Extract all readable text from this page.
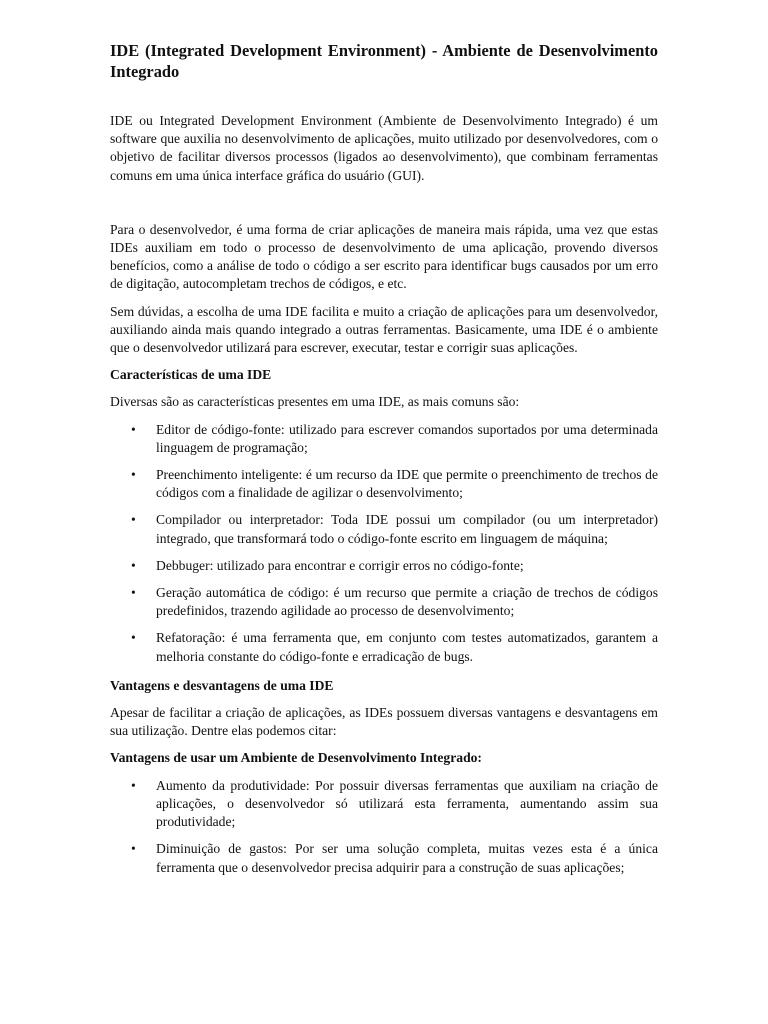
IDE (Integrated Development Environment) - Ambiente de Desenvolvimento Integrado

IDE ou Integrated Development Environment (Ambiente de Desenvolvimento Integrado) é um software que auxilia no desenvolvimento de aplicações, muito utilizado por desenvolvedores, com o objetivo de facilitar diversos processos (ligados ao desenvolvimento), que combinam ferramentas comuns em uma única interface gráfica do usuário (GUI).

Para o desenvolvedor, é uma forma de criar aplicações de maneira mais rápida, uma vez que estas IDEs auxiliam em todo o processo de desenvolvimento de uma aplicação, provendo diversos benefícios, como a análise de todo o código a ser escrito para identificar bugs causados por um erro de digitação, autocompletam trechos de códigos, e etc.

Sem dúvidas, a escolha de uma IDE facilita e muito a criação de aplicações para um desenvolvedor, auxiliando ainda mais quando integrado a outras ferramentas. Basicamente, uma IDE é o ambiente que o desenvolvedor utilizará para escrever, executar, testar e corrigir suas aplicações.

Características de uma IDE

Diversas são as características presentes em uma IDE, as mais comuns são:

• Editor de código-fonte: utilizado para escrever comandos suportados por uma determinada linguagem de programação;
• Preenchimento inteligente: é um recurso da IDE que permite o preenchimento de trechos de códigos com a finalidade de agilizar o desenvolvimento;
• Compilador ou interpretador: Toda IDE possui um compilador (ou um interpretador) integrado, que transformará todo o código-fonte escrito em linguagem de máquina;
• Debbuger: utilizado para encontrar e corrigir erros no código-fonte;
• Geração automática de código: é um recurso que permite a criação de trechos de códigos predefinidos, trazendo agilidade ao processo de desenvolvimento;
• Refatoração: é uma ferramenta que, em conjunto com testes automatizados, garantem a melhoria constante do código-fonte e erradicação de bugs.

Vantagens e desvantagens de uma IDE

Apesar de facilitar a criação de aplicações, as IDEs possuem diversas vantagens e desvantagens em sua utilização. Dentre elas podemos citar:

Vantagens de usar um Ambiente de Desenvolvimento Integrado:

• Aumento da produtividade: Por possuir diversas ferramentas que auxiliam na criação de aplicações, o desenvolvedor só utilizará esta ferramenta, aumentando assim sua produtividade;
• Diminuição de gastos: Por ser uma solução completa, muitas vezes esta é a única ferramenta que o desenvolvedor precisa adquirir para a construção de suas aplicações;
